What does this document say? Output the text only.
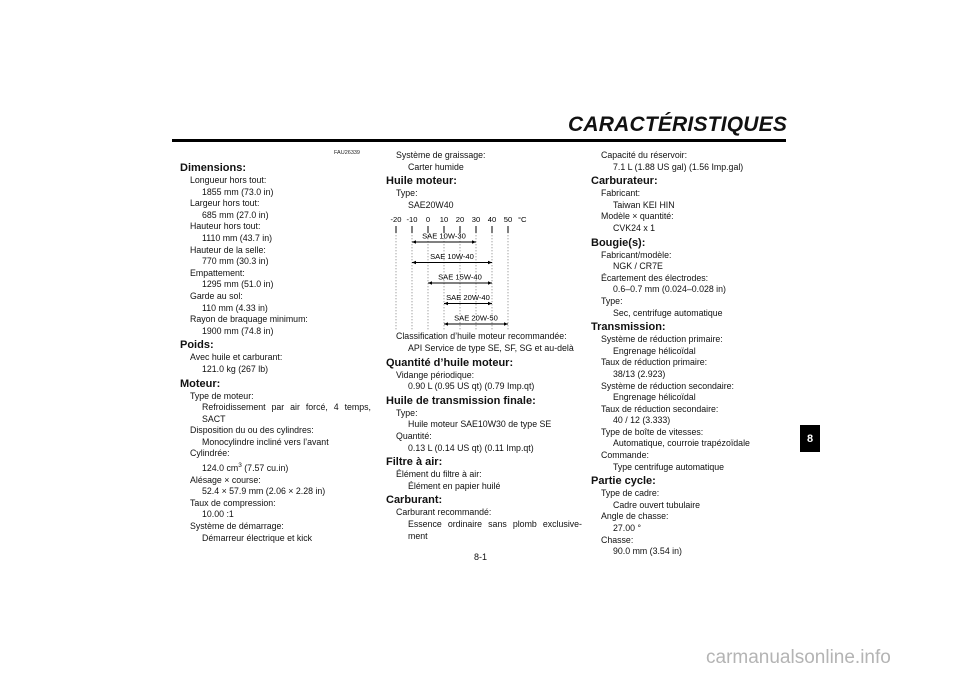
CARACTÉRISTIQUES
FAU26339
Dimensions:
Longueur hors tout:
1855 mm (73.0 in)
Largeur hors tout:
685 mm (27.0 in)
Hauteur hors tout:
1110 mm (43.7 in)
Hauteur de la selle:
770 mm (30.3 in)
Empattement:
1295 mm (51.0 in)
Garde au sol:
110 mm (4.33 in)
Rayon de braquage minimum:
1900 mm (74.8 in)
Poids:
Avec huile et carburant:
121.0 kg (267 lb)
Moteur:
Type de moteur:
Refroidissement par air forcé, 4 temps,
SACT
Disposition du ou des cylindres:
Monocylindre incliné vers l’avant
Cylindrée:
124.0 $cm^3$ (7.57 cu.in)
Alésage × course:
52.4 × 57.9 mm (2.06 × 2.28 in)
Taux de compression:
10.00 :1
Système de démarrage:
Démarreur électrique et kick
Système de graissage:
Carter humide
Huile moteur:
Type:
SAE20W40
-20 -10 0 10 20 30 40 50 °C
SAE 10W-30
SAE 10W-40
SAE 15W-40
SAE 20W-40
SAE 20W-50
Classification d’huile moteur recommandée:
API Service de type SE, SF, SG et au-delà
Quantité d’huile moteur:
Vidange périodique:
0.90 L (0.95 US qt) (0.79 Imp.qt)
Huile de transmission finale:
Type:
Huile moteur SAE10W30 de type SE
Quantité:
0.13 L (0.14 US qt) (0.11 Imp.qt)
Filtre à air:
Élément du filtre à air:
Élément en papier huilé
Carburant:
Carburant recommandé:
Essence ordinaire sans plomb exclusive-
ment
Capacité du réservoir:
7.1 L (1.88 US gal) (1.56 Imp.gal)
Carburateur:
Fabricant:
Taiwan KEI HIN
Modèle × quantité:
CVK24 x 1
Bougie(s):
Fabricant/modèle:
NGK / CR7E
Écartement des électrodes:
0.6–0.7 mm (0.024–0.028 in)
Type:
Sec, centrifuge automatique
Transmission:
Système de réduction primaire:
Engrenage hélicoïdal
Taux de réduction primaire:
38/13 (2.923)
Système de réduction secondaire:
Engrenage hélicoïdal
Taux de réduction secondaire:
40 / 12 (3.333)
Type de boîte de vitesses:
Automatique, courroie trapézoïdale
Commande:
Type centrifuge automatique
Partie cycle:
Type de cadre:
Cadre ouvert tubulaire
Angle de chasse:
27.00 °
Chasse:
90.0 mm (3.54 in)
8
8-1
carmanualsonline.info
